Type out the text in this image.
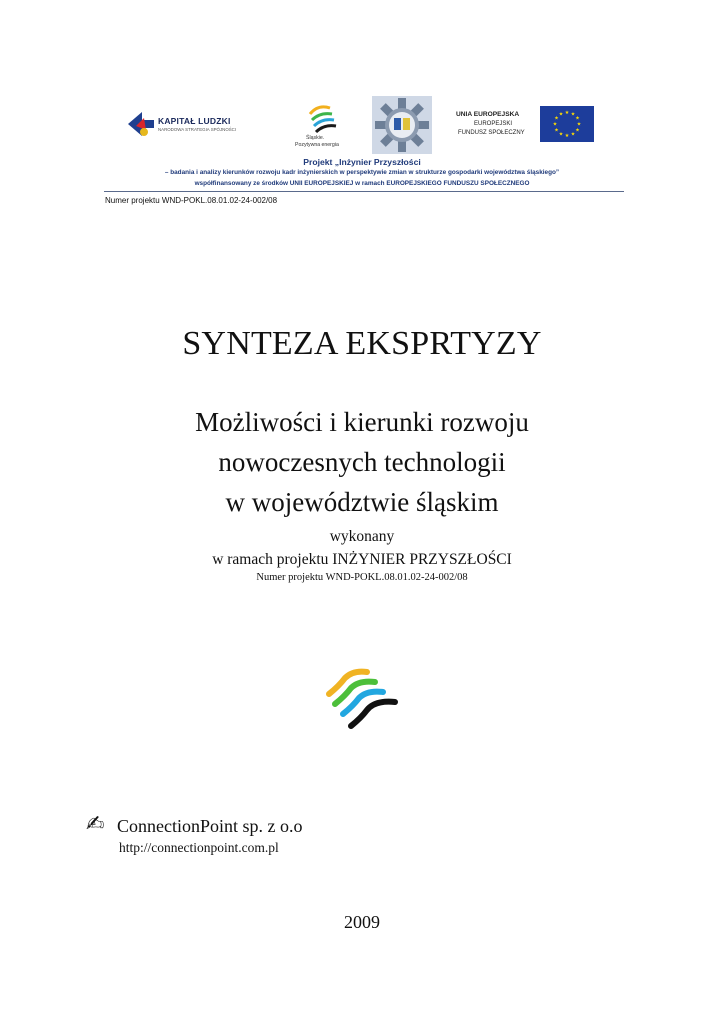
KAPITAŁ LUDZKI
NARODOWA STRATEGIA SPÓJNOŚCI
Śląskie.
Pozytywna energia
UNIA EUROPEJSKA
EUROPEJSKI
FUNDUSZ SPOŁECZNY
★ ★
★
★
★
★
★
★
★
★
★
★
Projekt „Inżynier Przyszłości
– badania i analizy kierunków rozwoju kadr inżynierskich w perspektywie zmian w strukturze gospodarki województwa śląskiego”
współfinansowany ze środków UNII EUROPEJSKIEJ w ramach EUROPEJSKIEGO FUNDUSZU SPOŁECZNEGO
Numer projektu WND-POKL.08.01.02-24-002/08
SYNTEZA EKSPRTYZY
Możliwości i kierunki rozwoju
nowoczesnych technologii
w województwie śląskim
wykonany
w ramach projektu INŻYNIER PRZYSZŁOŚCI
Numer projektu WND-POKL.08.01.02-24-002/08
✍ ConnectionPoint sp. z o.o
http://connectionpoint.com.pl
2009
